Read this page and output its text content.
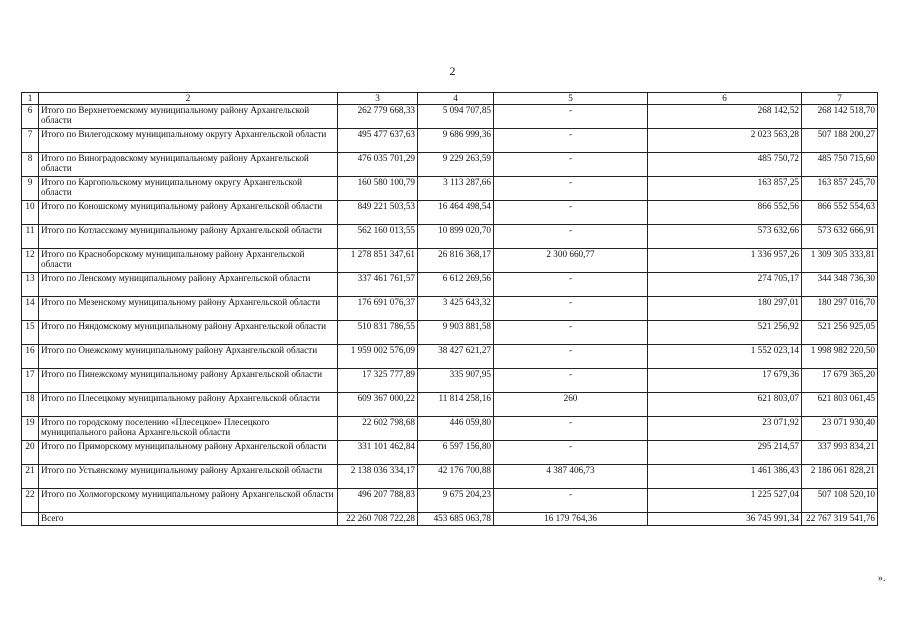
2
1	2	3	4	5	6	7
6	Итого по Верхнетоемскому муниципальному району Архангельской области	262 779 668,33	5 094 707,85	-	268 142,52	268 142 518,70
7	Итого по Вилегодскому муниципальному округу Архангельской области	495 477 637,63	9 686 999,36	-	2 023 563,28	507 188 200,27
8	Итого по Виноградовскому муниципальному району Архангельской области	476 035 701,29	9 229 263,59	-	485 750,72	485 750 715,60
9	Итого по Каргопольскому муниципальному округу Архангельской области	160 580 100,79	3 113 287,66	-	163 857,25	163 857 245,70
10	Итого по Коношскому муниципальному району Архангельской области	849 221 503,53	16 464 498,54	-	866 552,56	866 552 554,63
11	Итого по Котласскому муниципальному району Архангельской области	562 160 013,55	10 899 020,70	-	573 632,66	573 632 666,91
12	Итого по Красноборскому муниципальному району Архангельской области	1 278 851 347,61	26 816 368,17	2 300 660,77	1 336 957,26	1 309 305 333,81
13	Итого по Ленскому муниципальному району Архангельской области	337 461 761,57	6 612 269,56	-	274 705,17	344 348 736,30
14	Итого по Мезенскому муниципальному району Архангельской области	176 691 076,37	3 425 643,32	-	180 297,01	180 297 016,70
15	Итого по Няндомскому муниципальному району Архангельской области	510 831 786,55	9 903 881,58	-	521 256,92	521 256 925,05
16	Итого по Онежскому муниципальному району Архангельской области	1 959 002 576,09	38 427 621,27	-	1 552 023,14	1 998 982 220,50
17	Итого по Пинежскому муниципальному району Архангельской области	17 325 777,89	335 907,95	-	17 679,36	17 679 365,20
18	Итого по Плесецкому муниципальному району Архангельской области	609 367 000,22	11 814 258,16	260	621 803,07	621 803 061,45
19	Итого по городскому поселению «Плесецкое» Плесецкого муниципального района Архангельской области	22 602 798,68	446 059,80	-	23 071,92	23 071 930,40
20	Итого по Приморскому муниципальному району Архангельской области	331 101 462,84	6 597 156,80	-	295 214,57	337 993 834,21
21	Итого по Устьянскому муниципальному району Архангельской области	2 138 036 334,17	42 176 700,88	4 387 406,73	1 461 386,43	2 186 061 828,21
22	Итого по Холмогорскому муниципальному району Архангельской области	496 207 788,83	9 675 204,23	-	1 225 527,04	507 108 520,10
	Всего	22 260 708 722,28	453 685 063,78	16 179 764,36	36 745 991,34	22 767 319 541,76
».
